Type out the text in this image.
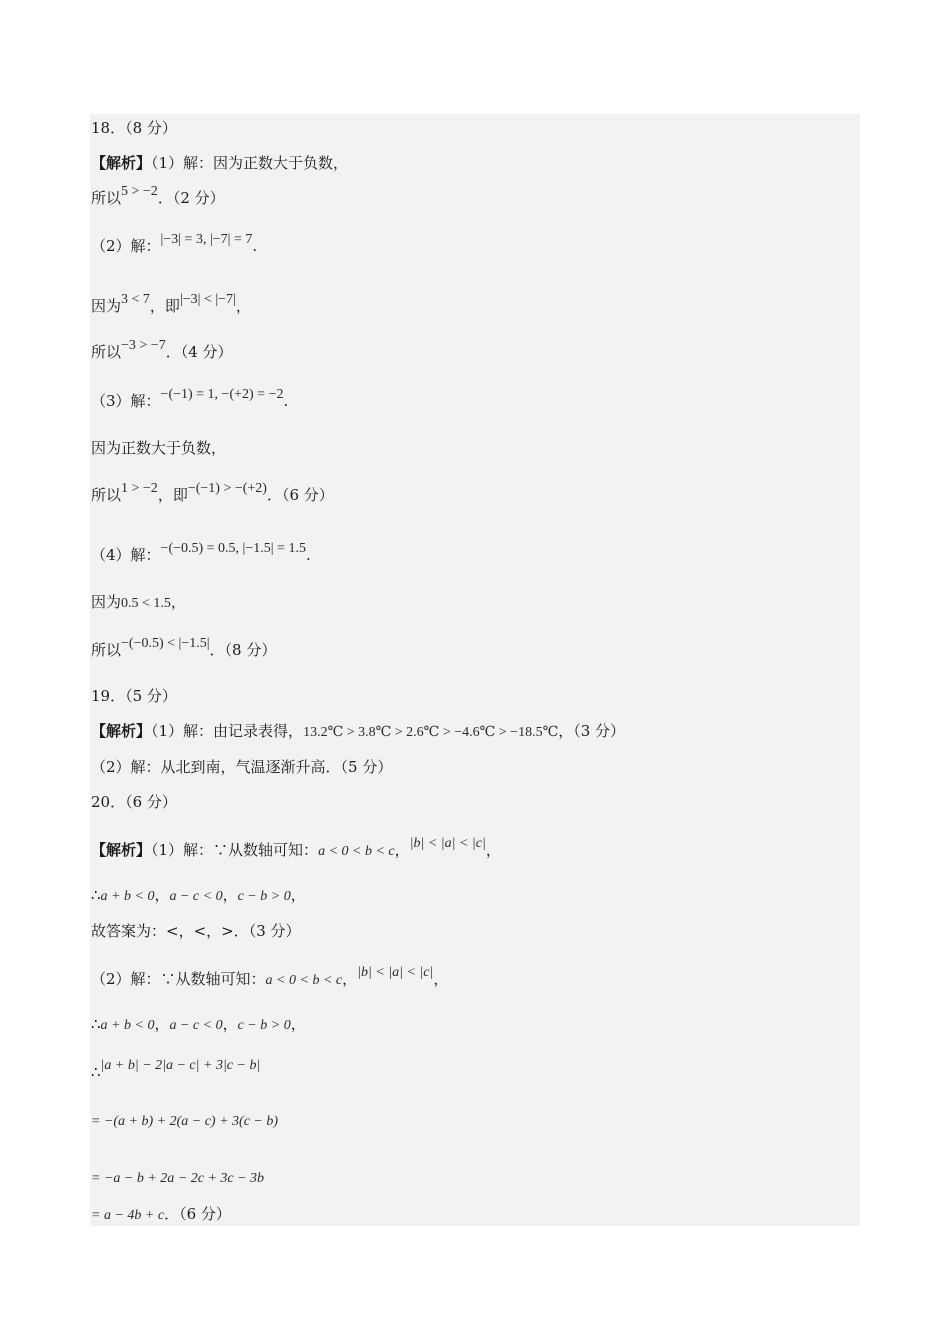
18．（8 分）
【解析】（1）解：因为正数大于负数，
所以5 > −2．（2 分）
（2）解：|−3| = 3, |−7| = 7.
因为3 < 7，即|−3| < |−7|，
所以−3 > −7．（4 分）
（3）解：−(−1) = 1, −(+2) = −2.
因为正数大于负数，
所以1 > −2，即−(−1) > −(+2)．（6 分）
（4）解：−(−0.5) = 0.5, |−1.5| = 1.5.
因为0.5 < 1.5，
所以−(−0.5) < |−1.5|．（8 分）
19．（5 分）
【解析】（1）解：由记录表得，13.2℃ > 3.8℃ > 2.6℃ > −4.6℃ > −18.5℃，（3 分）
（2）解：从北到南，气温逐渐升高．（5 分）
20．（6 分）
【解析】（1）解：∵从数轴可知：a < 0 < b < c，|b| < |a| < |c|，
∴a + b < 0，a − c < 0，c − b > 0，
故答案为：<，<，>．（3 分）
（2）解：∵从数轴可知：a < 0 < b < c，|b| < |a| < |c|，
∴a + b < 0，a − c < 0，c − b > 0，
∴|a + b| − 2|a − c| + 3|c − b|
= −(a + b) + 2(a − c) + 3(c − b)
= −a − b + 2a − 2c + 3c − 3b
= a − 4b + c．（6 分）
